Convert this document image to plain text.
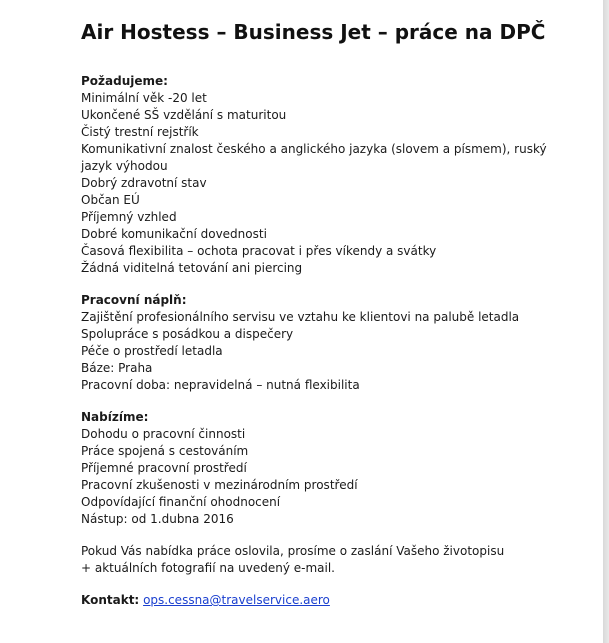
Air Hostess – Business Jet – práce na DPČ

Požadujeme:

Minimální věk -20 let
Ukončené SŠ vzdělání s maturitou
Čistý trestní rejstřík
Komunikativní znalost českého a anglického jazyka (slovem a písmem), ruský jazyk výhodou
Dobrý zdravotní stav
Občan EÚ
Příjemný vzhled
Dobré komunikační dovednosti
Časová flexibilita – ochota pracovat i přes víkendy a svátky
Žádná viditelná tetování ani piercing

Pracovní náplň:

Zajištění profesionálního servisu ve vztahu ke klientovi na palubě letadla
Spolupráce s posádkou a dispečery
Péče o prostředí letadla
Báze: Praha
Pracovní doba: nepravidelná – nutná flexibilita

Nabízíme:

Dohodu o pracovní činnosti
Práce spojená s cestováním
Příjemné pracovní prostředí
Pracovní zkušenosti v mezinárodním prostředí
Odpovídající finanční ohodnocení
Nástup: od 1.dubna 2016

Pokud Vás nabídka práce oslovila, prosíme o zaslání Vašeho životopisu + aktuálních fotografií na uvedený e-mail.

Kontakt: ops.cessna@travelservice.aero
